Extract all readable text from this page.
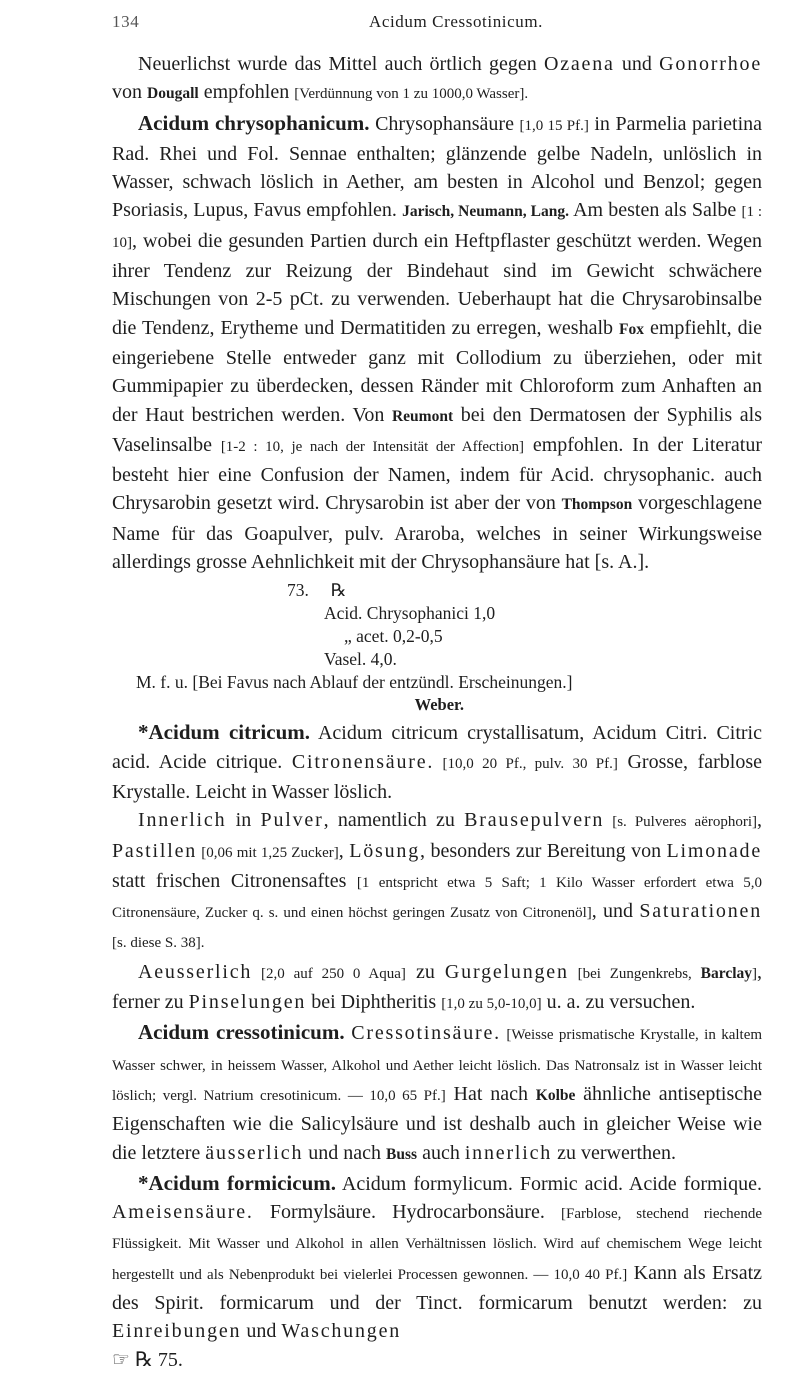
134	Acidum Cressotinicum.

Neuerlichst wurde das Mittel auch örtlich gegen Ozaena und Gonorrhoe von Dougall empfohlen [Verdünnung von 1 zu 1000,0 Wasser].

Acidum chrysophanicum. Chrysophansäure [1,0 15 Pf.] in Parmelia parietina Rad. Rhei und Fol. Sennae enthalten; glänzende gelbe Nadeln, unlöslich in Wasser, schwach löslich in Aether, am besten in Alcohol und Benzol; gegen Psoriasis, Lupus, Favus empfohlen. Jarisch, Neumann, Lang. Am besten als Salbe [1 : 10], wobei die gesunden Partien durch ein Heftpflaster geschützt werden. Wegen ihrer Tendenz zur Reizung der Bindehaut sind im Gewicht schwächere Mischungen von 2-5 pCt. zu verwenden. Ueberhaupt hat die Chrysarobinsalbe die Tendenz, Erytheme und Dermatitiden zu erregen, weshalb Fox empfiehlt, die eingeriebene Stelle entweder ganz mit Collodium zu überziehen, oder mit Gummipapier zu überdecken, dessen Ränder mit Chloroform zum Anhaften an der Haut bestrichen werden. Von Reumont bei den Dermatosen der Syphilis als Vaselinsalbe [1-2 : 10, je nach der Intensität der Affection] empfohlen. In der Literatur besteht hier eine Confusion der Namen, indem für Acid. chrysophanic. auch Chrysarobin gesetzt wird. Chrysarobin ist aber der von Thompson vorgeschlagene Name für das Goapulver, pulv. Araroba, welches in seiner Wirkungsweise allerdings grosse Aehnlichkeit mit der Chrysophansäure hat [s. A.].

73. ℞
Acid. Chrysophanici 1,0
„ acet. 0,2-0,5
Vasel. 4,0.
M. f. u. [Bei Favus nach Ablauf der entzündl. Erscheinungen.]
Weber.

*Acidum citricum. Acidum citricum crystallisatum, Acidum Citri. Citric acid. Acide citrique. Citronensäure. [10,0 20 Pf., pulv. 30 Pf.] Grosse, farblose Krystalle. Leicht in Wasser löslich.

Innerlich in Pulver, namentlich zu Brausepulvern [s. Pulveres aërophori], Pastillen [0,06 mit 1,25 Zucker], Lösung, besonders zur Bereitung von Limonade statt frischen Citronensaftes [1 entspricht etwa 5 Saft; 1 Kilo Wasser erfordert etwa 5,0 Citronensäure, Zucker q. s. und einen höchst geringen Zusatz von Citronenöl], und Saturationen [s. diese S. 38].

Aeusserlich [2,0 auf 250 0 Aqua] zu Gurgelungen [bei Zungenkrebs, Barclay], ferner zu Pinselungen bei Diphtheritis [1,0 zu 5,0-10,0] u. a. zu versuchen.

Acidum cressotinicum. Cressotinsäure. [Weisse prismatische Krystalle, in kaltem Wasser schwer, in heissem Wasser, Alkohol und Aether leicht löslich. Das Natronsalz ist in Wasser leicht löslich; vergl. Natrium cresotinicum. — 10,0 65 Pf.] Hat nach Kolbe ähnliche antiseptische Eigenschaften wie die Salicylsäure und ist deshalb auch in gleicher Weise wie die letztere äusserlich und nach Buss auch innerlich zu verwerthen.

*Acidum formicicum. Acidum formylicum. Formic acid. Acide formique. Ameisensäure. Formylsäure. Hydrocarbonsäure. [Farblose, stechend riechende Flüssigkeit. Mit Wasser und Alkohol in allen Verhältnissen löslich. Wird auf chemischem Wege leicht hergestellt und als Nebenprodukt bei vielerlei Processen gewonnen. — 10,0 40 Pf.] Kann als Ersatz des Spirit. formicarum und der Tinct. formicarum benutzt werden: zu Einreibungen und Waschungen

☞ ℞ 75.
